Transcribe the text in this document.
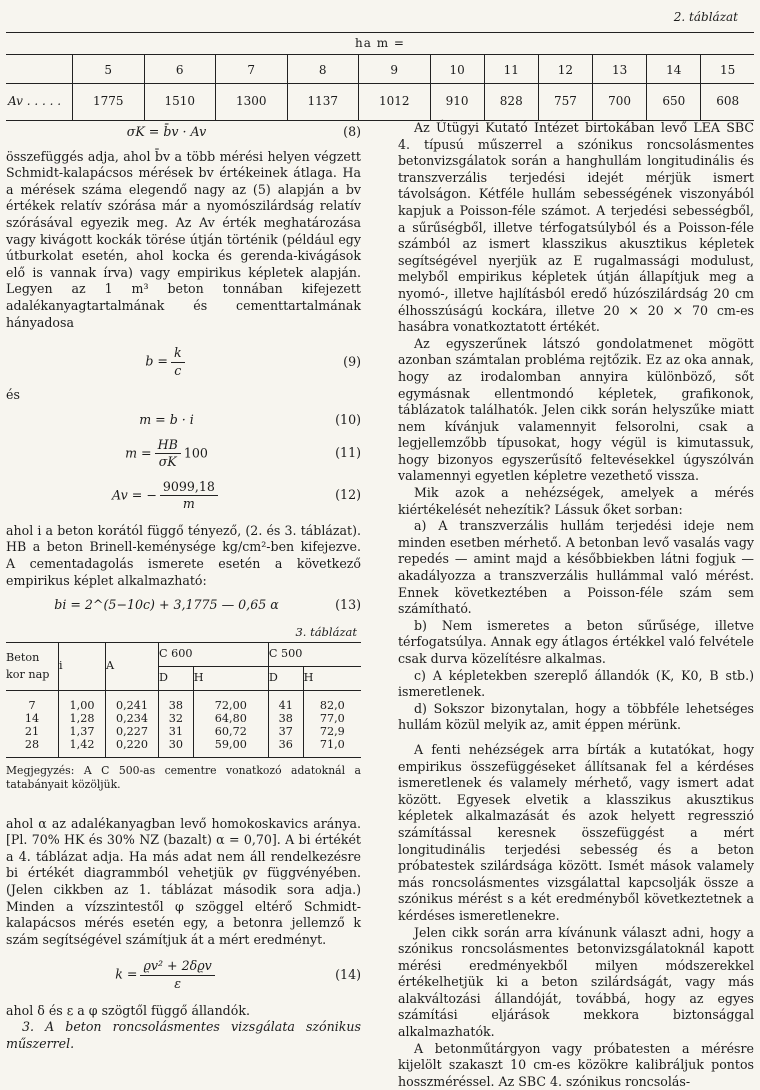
2. táblázat
ha m =											
	5	6	7	8	9	10	11	12	13	14	15
Av . . . . .	1775	1510	1300	1137	1012	910	828	757	700	650	608
σK = b̄v · Av	(8)

összefüggés adja, ahol b̄v a több mérési helyen végzett Schmidt-kalapácsos mérések bv értékeinek átlaga. Ha a mérések száma elegendő nagy az (5) alapján a bv értékek relatív szórása már a nyomószilárdság relatív szórásával egyezik meg. Az Av érték meghatározása vagy kivágott kockák törése útján történik (például egy útburkolat esetén, ahol kocka és gerenda-kivágások elő is vannak írva) vagy empirikus képletek alapján. Legyen az 1 m³ beton tonnában kifejezett adalékanyagtartalmának és cementtartalmának hányadosa

$b = \frac{k}{c}$	(9)

és

m = b · i	(10)
$m = \frac{HB}{\sigma K} 100$	(11)
Av = − $\frac{9099,18}{m}$	(12)

ahol i a beton korától függő tényező, (2. és 3. táblázat). HB a beton Brinell-keménysége kg/cm²-ben kifejezve. A cementadagolás ismerete esetén a következő empirikus képlet alkalmazható:

bi = 2^(5−10c) + 3,1775 — 0,65 α	(13)
3. táblázat
Beton kor nap	i	A	C 600		C 500	
			D	H	D	H
7	1,00	0,241	38	72,00	41	82,0
14	1,28	0,234	32	64,80	38	77,0
21	1,37	0,227	31	60,72	37	72,9
28	1,42	0,220	30	59,00	36	71,0
Megjegyzés: A C 500-as cementre vonatkozó adatoknál a tatabányait közöljük.

ahol α az adalékanyagban levő homokoskavics aránya. [Pl. 70% HK és 30% NZ (bazalt) α = 0,70]. A bi értékét a 4. táblázat adja. Ha más adat nem áll rendelkezésre bi értékét diagrammból vehetjük ϱv függvényében. (Jelen cikkben az 1. táblázat második sora adja.) Minden a vízszintestől φ szöggel eltérő Schmidt-kalapácsos mérés esetén egy, a betonra jellemző k szám segítségével számítjuk át a mért eredményt.

$k = \frac{\text{ϱv² + 2δϱv}}{\varepsilon}$	(14)

ahol δ és ε a φ szögtől függő állandók.

3. A beton roncsolásmentes vizsgálata szónikus műszerrel.

Az Útügyi Kutató Intézet birtokában levő LEA SBC 4. típusú műszerrel a szónikus roncsolásmentes betonvizsgálatok során a hanghullám longitudinális és transzverzális terjedési idejét mérjük ismert távolságon. Kétféle hullám sebességének viszonyából kapjuk a Poisson-féle számot. A terjedési sebességből, a sűrűségből, illetve térfogatsúlyból és a Poisson-féle számból az ismert klasszikus akusztikus képletek segítségével nyerjük az E rugalmassági modulust, melyből empirikus képletek útján állapítjuk meg a nyomó-, illetve hajlításból eredő húzószilárdság 20 cm élhosszúságú kockára, illetve 20 × 20 × 70 cm-es hasábra vonatkoztatott értékét.

Az egyszerűnek látszó gondolatmenet mögött azonban számtalan probléma rejtőzik. Ez az oka annak, hogy az irodalomban annyira különböző, sőt egymásnak ellentmondó képletek, grafikonok, táblázatok találhatók. Jelen cikk során helyszűke miatt nem kívánjuk valamennyit felsorolni, csak a legjellemzőbb típusokat, hogy végül is kimutassuk, hogy bizonyos egyszerűsítő feltevésekkel úgyszólván valamennyi egyetlen képletre vezethető vissza.

Mik azok a nehézségek, amelyek a mérés kiértékelését nehezítik? Lássuk őket sorban:

a) A transzverzális hullám terjedési ideje nem minden esetben mérhető. A betonban levő vasalás vagy repedés — amint majd a későbbiekben látni fogjuk — akadályozza a transzverzális hullámmal való mérést. Ennek következtében a Poisson-féle szám sem számítható.

b) Nem ismeretes a beton sűrűsége, illetve térfogatsúlya. Annak egy átlagos értékkel való felvétele csak durva közelítésre alkalmas.

c) A képletekben szereplő állandók (K, K0, B stb.) ismeretlenek.

d) Sokszor bizonytalan, hogy a többféle lehetséges hullám közül melyik az, amit éppen mérünk.

A fenti nehézségek arra bírták a kutatókat, hogy empirikus összefüggéseket állítsanak fel a kérdéses ismeretlenek és valamely mérhető, vagy ismert adat között. Egyesek elvetik a klasszikus akusztikus képletek alkalmazását és azok helyett regresszió számítással keresnek összefüggést a mért longitudinális terjedési sebesség és a beton próbatestek szilárdsága között. Ismét mások valamely más roncsolásmentes vizsgálattal kapcsolják össze a szónikus mérést s a két eredményből következtetnek a kérdéses ismeretlenekre.

Jelen cikk során arra kívánunk választ adni, hogy a szónikus roncsolásmentes betonvizsgálatoknál kapott mérési eredményekből milyen módszerekkel értékelhetjük ki a beton szilárdságát, vagy más alakváltozási állandóját, továbbá, hogy az egyes számítási eljárások mekkora biztonsággal alkalmazhatók.

A betonműtárgyon vagy próbatesten a mérésre kijelölt szakaszt 10 cm-es közökre kalibráljuk pontos hosszméréssel. Az SBC 4. szónikus roncsolás-
